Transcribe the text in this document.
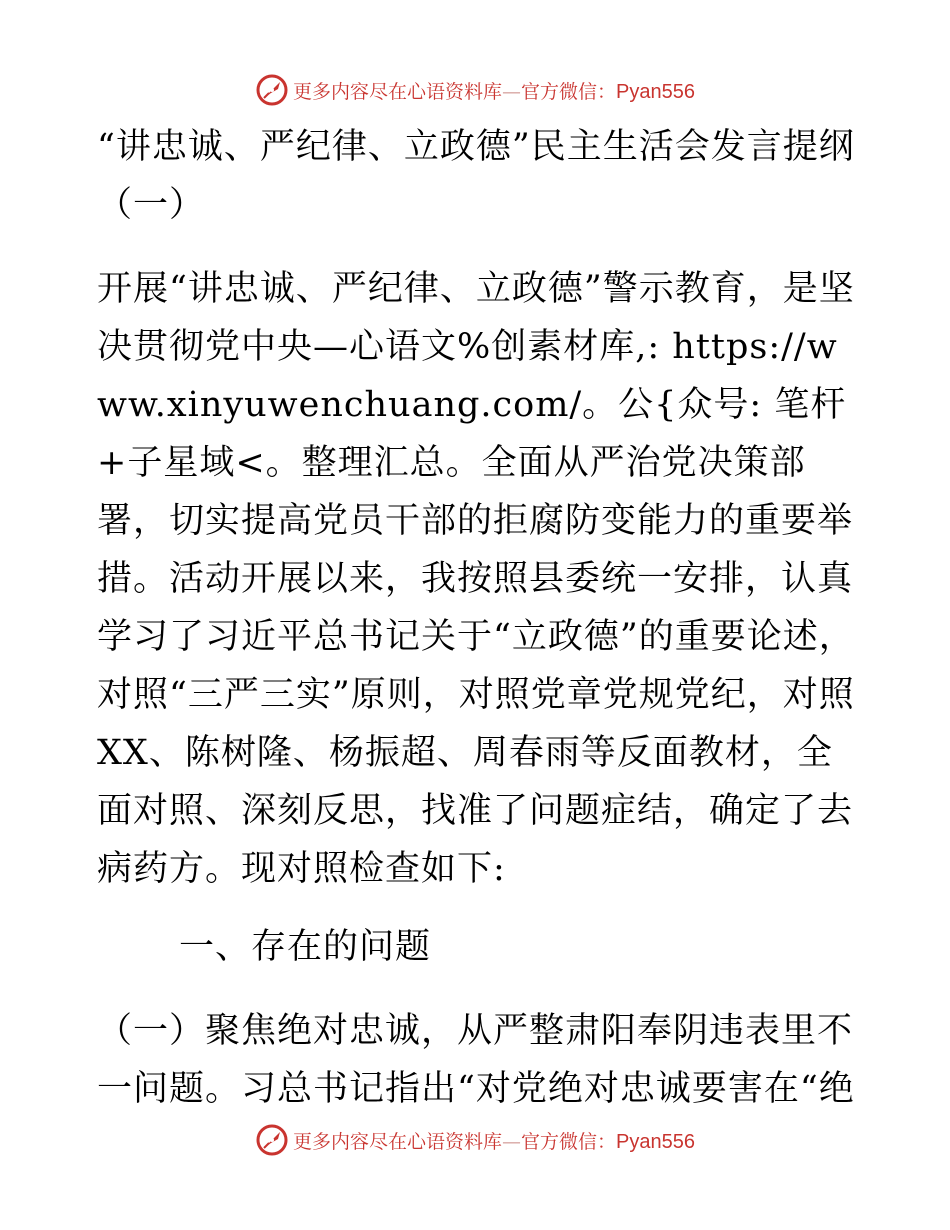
更多内容尽在心语资料库—官方微信：Pyan556

“讲忠诚、严纪律、立政德”民主生活会发言提纲（一）

开展“讲忠诚、严纪律、立政德”警示教育，是坚决贯彻党中央—心语文%创素材库,: https://www.xinyuwenchuang.com/。公{众号: 笔杆+子星域<。整理汇总。全面从严治党决策部署，切实提高党员干部的拒腐防变能力的重要举措。活动开展以来，我按照县委统一安排，认真学习了习近平总书记关于“立政德”的重要论述，对照“三严三实”原则，对照党章党规党纪，对照XX、陈树隆、杨振超、周春雨等反面教材，全面对照、深刻反思，找准了问题症结，确定了去病药方。现对照检查如下:

一、存在的问题

（一）聚焦绝对忠诚，从严整肃阳奉阴违表里不一问题。习总书记指出“对党绝对忠诚要害在“绝

更多内容尽在心语资料库—官方微信：Pyan556
